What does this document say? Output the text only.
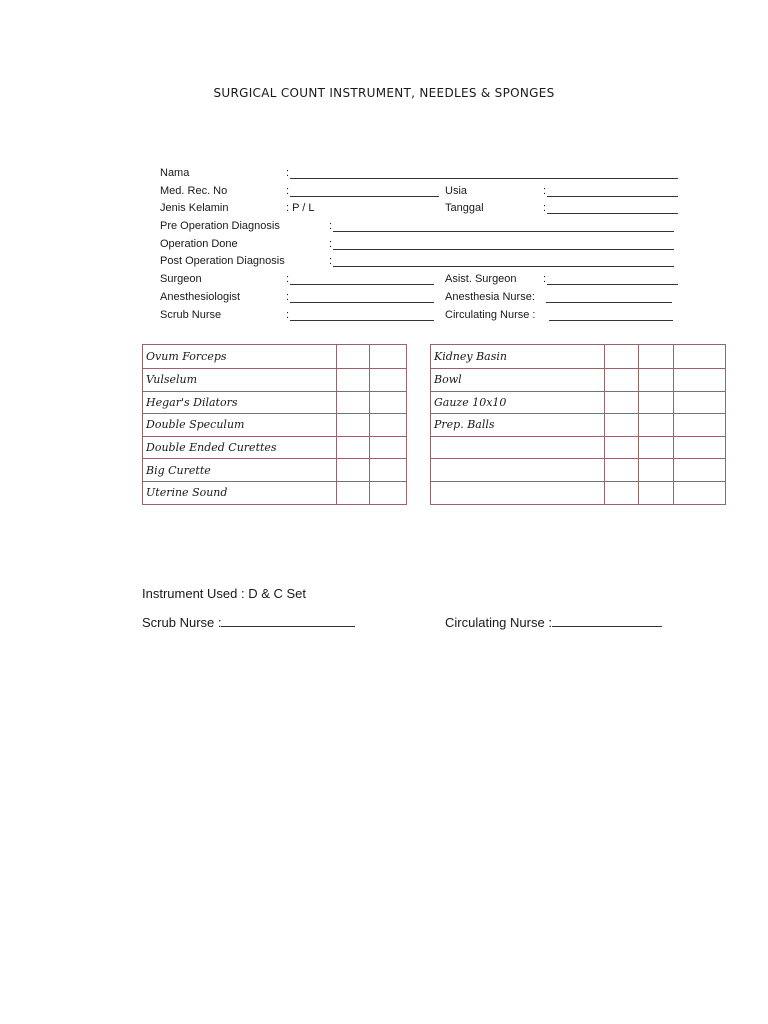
SURGICAL COUNT INSTRUMENT, NEEDLES & SPONGES
Nama	:
Med. Rec. No	:	Usia	:
Jenis Kelamin	: P / L	Tanggal	:
Pre Operation Diagnosis	:
Operation Done	:
Post Operation Diagnosis	:
Surgeon	:	Asist. Surgeon :
Anesthesiologist	:	Anesthesia Nurse:
Scrub Nurse	:	Circulating Nurse :
Ovum Forceps		
Vulselum		
Hegar's Dilators		
Double Speculum		
Double Ended Curettes		
Big Curette		
Uterine Sound		
Kidney Basin			
Bowl			
Gauze 10x10			
Prep. Balls			

Instrument Used : D & C Set
Scrub Nurse :	Circulating Nurse :
